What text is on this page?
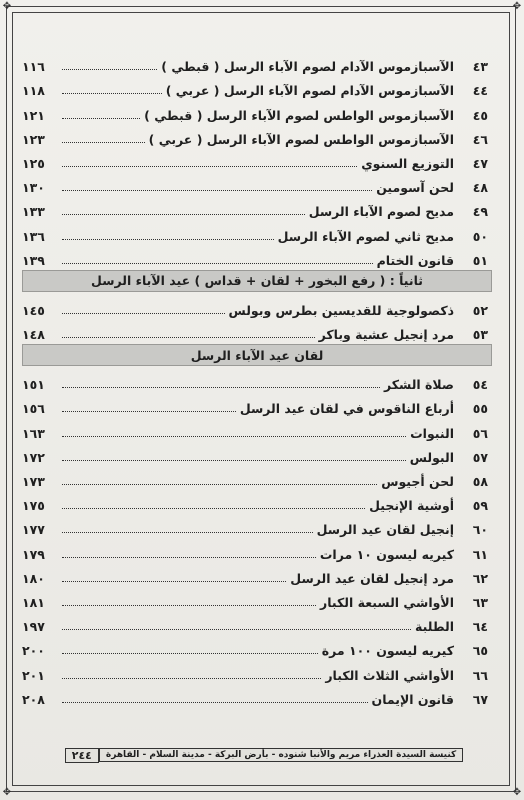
✥	✥
✥	✥
٤٣
الآسبازموس الآدام لصوم الآباء الرسل ( قبطي )
١١٦
٤٤
الآسبازموس الآدام لصوم الآباء الرسل ( عربي )
١١٨
٤٥
الآسبازموس الواطس لصوم الآباء الرسل ( قبطي )
١٢١
٤٦
الآسبازموس الواطس لصوم الآباء الرسل ( عربي )
١٢٣
٤٧
التوزيع السنوي
١٢٥
٤٨
لحن آسومين
١٣٠
٤٩
مديح لصوم الآباء الرسل
١٣٣
٥٠
مديح ثاني لصوم الآباء الرسل
١٣٦
٥١
قانون الختام
١٣٩
ثانياً : ( رفع البخور + لقان + قداس ) عيد الآباء الرسل
٥٢
ذكصولوجية للقديسين بطرس وبولس
١٤٥
٥٣
مرد إنجيل عشية وباكر
١٤٨
لقان عيد الآباء الرسل
٥٤
صلاة الشكر
١٥١
٥٥
أرباع الناقوس في لقان عيد الرسل
١٥٦
٥٦
النبوات
١٦٣
٥٧
البولس
١٧٢
٥٨
لحن أجيوس
١٧٣
٥٩
أوشية الإنجيل
١٧٥
٦٠
إنجيل لقان عيد الرسل
١٧٧
٦١
كيريه ليسون ١٠ مرات
١٧٩
٦٢
مرد إنجيل لقان عيد الرسل
١٨٠
٦٣
الأواشي السبعة الكبار
١٨١
٦٤
الطلبة
١٩٧
٦٥
كيريه ليسون ١٠٠ مرة
٢٠٠
٦٦
الأواشي الثلاث الكبار
٢٠١
٦٧
قانون الإيمان
٢٠٨
كنيسة السيدة العذراء مريم والأنبا شنوده - بأرض البركة - مدينة السلام - القاهرة
٢٤٤
